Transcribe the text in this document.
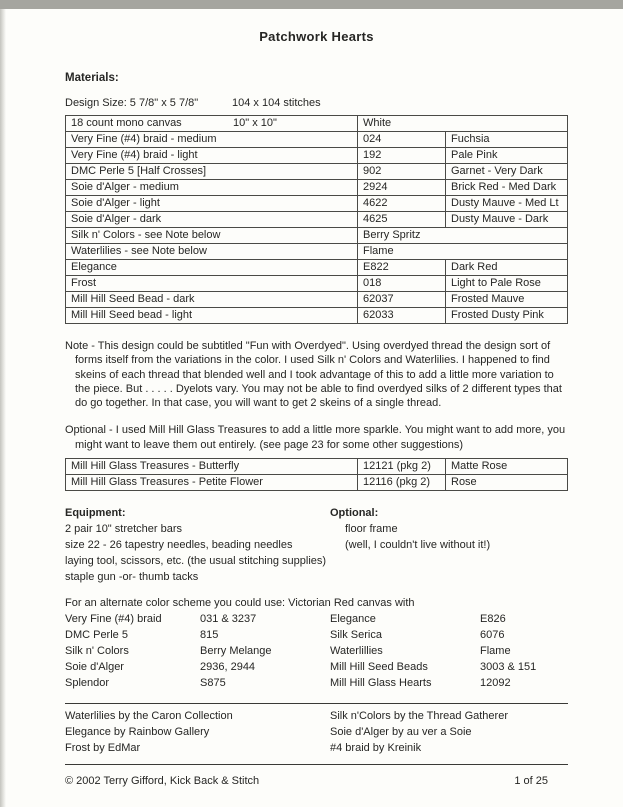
Patchwork Hearts
Materials:
Design Size: 5 7/8" x 5 7/8"	104 x 104 stitches
18 count mono canvas 10" x 10"	White	
Very Fine (#4) braid - medium	024	Fuchsia
Very Fine (#4) braid - light	192	Pale Pink
DMC Perle 5 [Half Crosses]	902	Garnet - Very Dark
Soie d'Alger - medium	2924	Brick Red - Med Dark
Soie d'Alger - light	4622	Dusty Mauve - Med Lt
Soie d'Alger - dark	4625	Dusty Mauve - Dark
Silk n' Colors - see Note below	Berry Spritz	
Waterlilies - see Note below	Flame	
Elegance	E822	Dark Red
Frost	018	Light to Pale Rose
Mill Hill Seed Bead - dark	62037	Frosted Mauve
Mill Hill Seed bead - light	62033	Frosted Dusty Pink

Note - This design could be subtitled "Fun with Overdyed". Using overdyed thread the design sort of forms itself from the variations in the color. I used Silk n' Colors and Waterlilies. I happened to find skeins of each thread that blended well and I took advantage of this to add a little more variation to the piece. But . . . . . Dyelots vary. You may not be able to find overdyed silks of 2 different types that do go together. In that case, you will want to get 2 skeins of a single thread.

Optional - I used Mill Hill Glass Treasures to add a little more sparkle. You might want to add more, you might want to leave them out entirely. (see page 23 for some other suggestions)

Mill Hill Glass Treasures - Butterfly	12121 (pkg 2)	Matte Rose
Mill Hill Glass Treasures - Petite Flower	12116 (pkg 2)	Rose
Equipment:	Optional:
2 pair 10" stretcher bars	floor frame
size 22 - 26 tapestry needles, beading needles	(well, I couldn't live without it!)
laying tool, scissors, etc. (the usual stitching supplies)
staple gun -or- thumb tacks
For an alternate color scheme you could use: Victorian Red canvas with
Very Fine (#4) braid	031 & 3237	Elegance	E826
DMC Perle 5	815	Silk Serica	6076
Silk n' Colors	Berry Melange	Waterlillies	Flame
Soie d'Alger	2936, 2944	Mill Hill Seed Beads	3003 & 151
Splendor	S875	Mill Hill Glass Hearts	12092
Waterlilies by the Caron Collection	Silk n'Colors by the Thread Gatherer
Elegance by Rainbow Gallery	Soie d'Alger by au ver a Soie
Frost by EdMar	#4 braid by Kreinik
© 2002 Terry Gifford, Kick Back & Stitch	1 of 25
